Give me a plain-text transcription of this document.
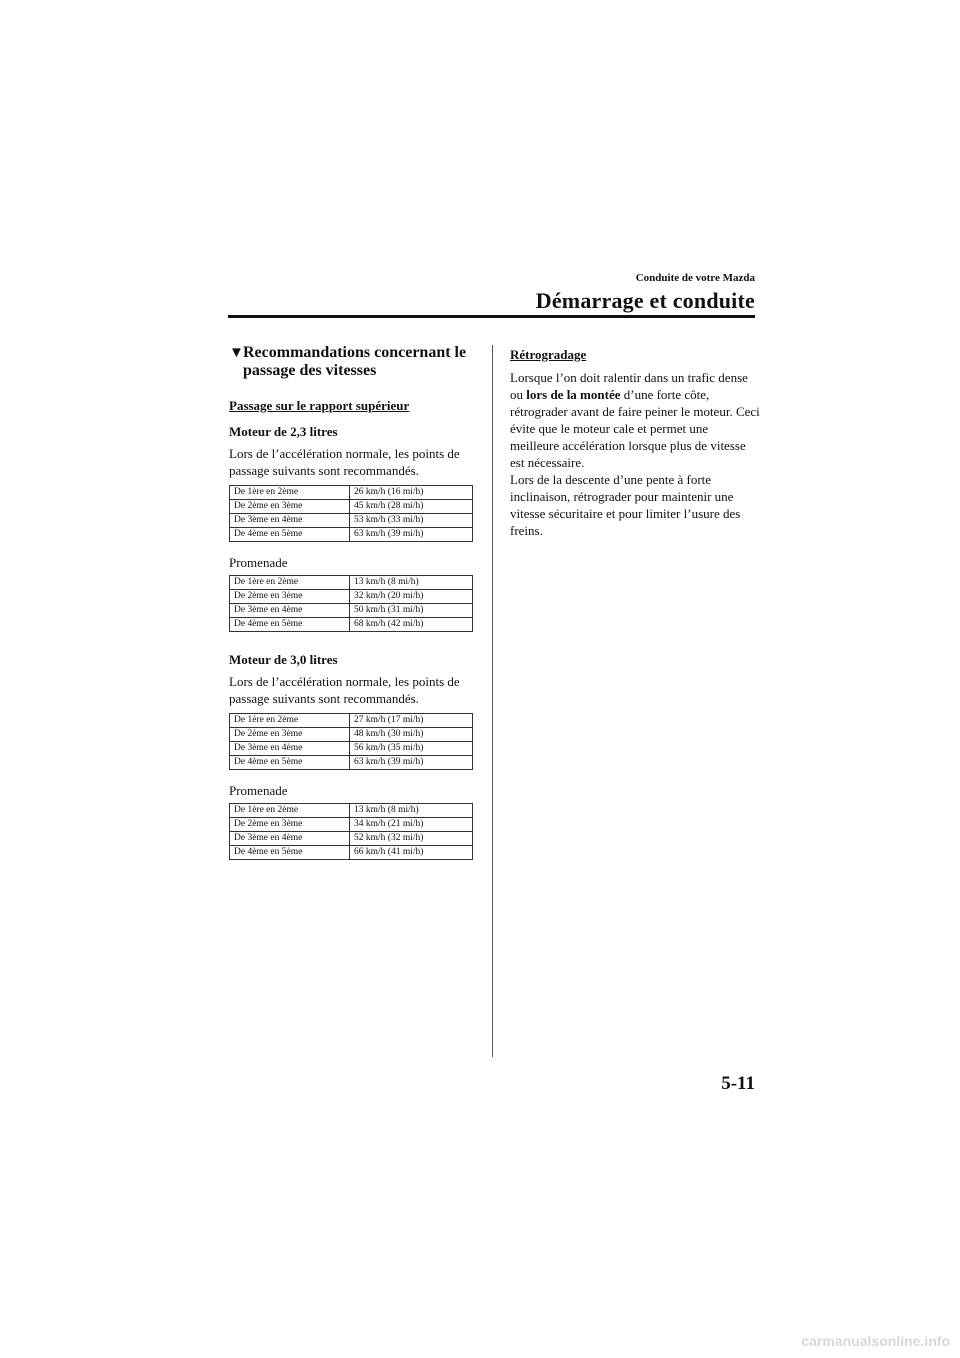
Conduite de votre Mazda
Démarrage et conduite
▼ Recommandations concernant le passage des vitesses

Passage sur le rapport supérieur

Moteur de 2,3 litres

Lors de l’accélération normale, les points de passage suivants sont recommandés.

De 1ère en 2ème	26 km/h (16 mi/h)
De 2ème en 3ème	45 km/h (28 mi/h)
De 3ème en 4ème	53 km/h (33 mi/h)
De 4ème en 5ème	63 km/h (39 mi/h)

Promenade

De 1ère en 2ème	13 km/h (8 mi/h)
De 2ème en 3ème	32 km/h (20 mi/h)
De 3ème en 4ème	50 km/h (31 mi/h)
De 4ème en 5ème	68 km/h (42 mi/h)

Moteur de 3,0 litres

Lors de l’accélération normale, les points de passage suivants sont recommandés.

De 1ère en 2ème	27 km/h (17 mi/h)
De 2ème en 3ème	48 km/h (30 mi/h)
De 3ème en 4ème	56 km/h (35 mi/h)
De 4ème en 5ème	63 km/h (39 mi/h)

Promenade

De 1ère en 2ème	13 km/h (8 mi/h)
De 2ème en 3ème	34 km/h (21 mi/h)
De 3ème en 4ème	52 km/h (32 mi/h)
De 4ème en 5ème	66 km/h (41 mi/h)

Rétrogradage

Lorsque l’on doit ralentir dans un trafic dense ou lors de la montée d’une forte côte, rétrograder avant de faire peiner le moteur. Ceci évite que le moteur cale et permet une meilleure accélération lorsque plus de vitesse est nécessaire.

Lors de la descente d’une pente à forte inclinaison, rétrograder pour maintenir une vitesse sécuritaire et pour limiter l’usure des freins.

5-11
carmanualsonline.info
